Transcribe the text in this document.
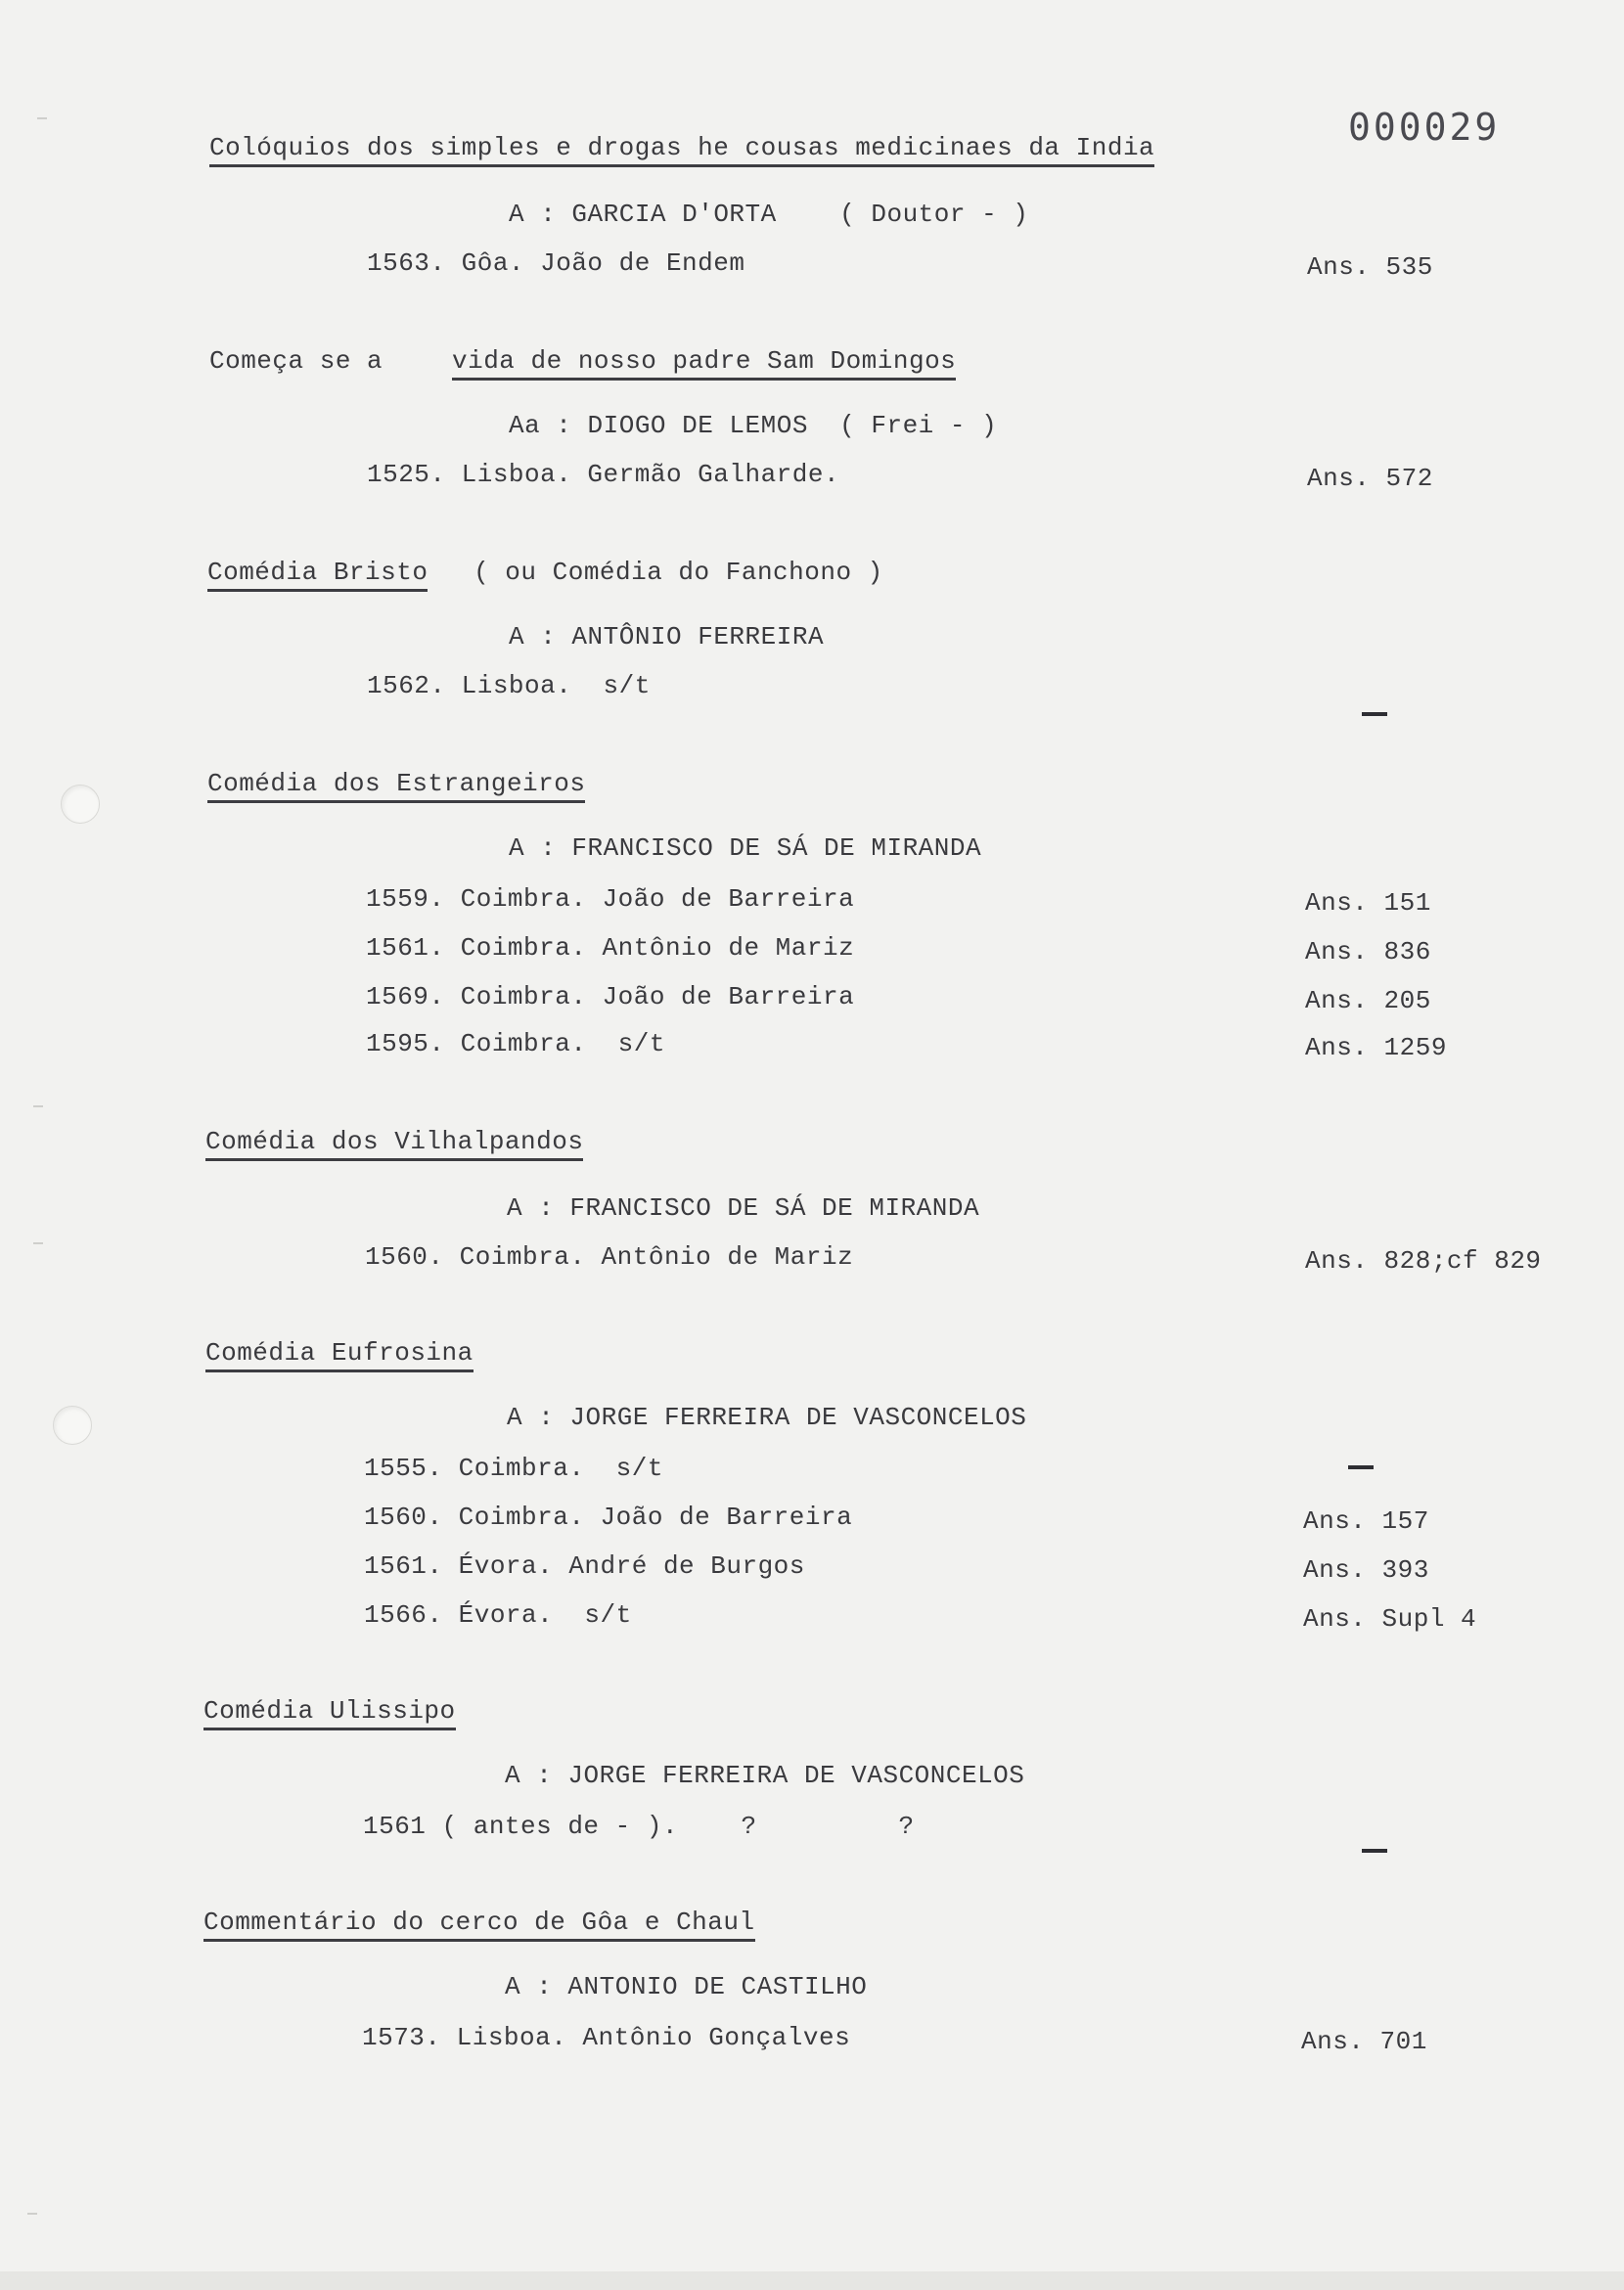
000029
Colóquios dos simples e drogas he cousas medicinaes da India
A : GARCIA D'ORTA    ( Doutor - )
1563. Gôa. João de Endem	Ans. 535
Começa se a vida de nosso padre Sam Domingos
Aa : DIOGO DE LEMOS  ( Frei - )
1525. Lisboa. Germão Galharde.	Ans. 572
Comédia Bristo ( ou Comédia do Fanchono )
A : ANTÔNIO FERREIRA
1562. Lisboa.  s/t
Comédia dos Estrangeiros
A : FRANCISCO DE SÁ DE MIRANDA
1559. Coimbra. João de Barreira	Ans. 151
1561. Coimbra. Antônio de Mariz	Ans. 836
1569. Coimbra. João de Barreira	Ans. 205
1595. Coimbra.  s/t	Ans. 1259
Comédia dos Vilhalpandos
A : FRANCISCO DE SÁ DE MIRANDA
1560. Coimbra. Antônio de Mariz	Ans. 828;cf 829
Comédia Eufrosina
A : JORGE FERREIRA DE VASCONCELOS
1555. Coimbra.  s/t
1560. Coimbra. João de Barreira	Ans. 157
1561. Évora. André de Burgos	Ans. 393
1566. Évora.  s/t	Ans. Supl 4
Comédia Ulissipo
A : JORGE FERREIRA DE VASCONCELOS
1561 ( antes de - ).    ?         ?
Commentário do cerco de Gôa e Chaul
A : ANTONIO DE CASTILHO
1573. Lisboa. Antônio Gonçalves	Ans. 701
